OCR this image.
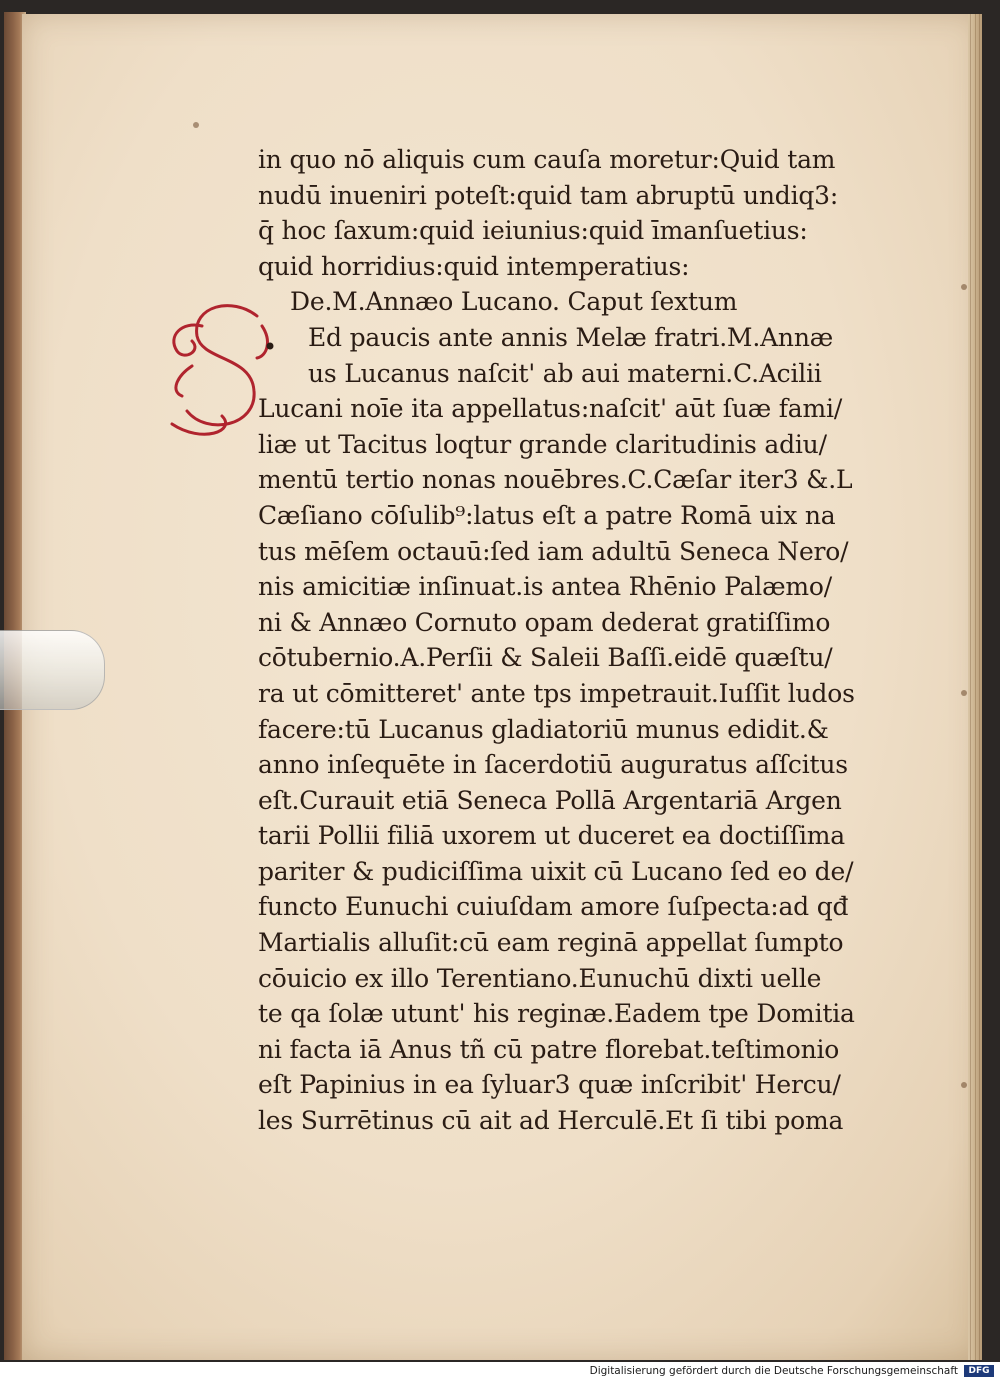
in quo nō aliquis cum cauſa moretur:Quid tam
nudū inueniri poteſt:quid tam abruptū undiq3:
q̄ hoc ſaxum:quid ieiunius:quid īmanſuetius:
quid horridius:quid intemperatius:
De.M.Annæo Lucano. Caput ſextum
Ed paucis ante annis Melæ fratri.M.Annæ
us Lucanus naſcit' ab aui materni.C.Acilii
Lucani noīe ita appellatus:naſcit' aūt ſuæ fami/
liæ ut Tacitus loqtur grande claritudinis adiu/
mentū tertio nonas nouēbres.C.Cæſar iter3 &.L
Cæſiano cōſulib⁹:latus eſt a patre Romā uix na
tus mēſem octauū:ſed iam adultū Seneca Nero/
nis amicitiæ inſinuat.is antea Rhēnio Palæmo/
ni & Annæo Cornuto opam dederat gratiſſimo
cōtubernio.A.Perſii & Saleii Baſſi.eidē quæſtu/
ra ut cōmitteret' ante tps impetrauit.Iuſſit ludos
facere:tū Lucanus gladiatoriū munus edidit.&
anno inſequēte in ſacerdotiū auguratus aſſcitus
eſt.Curauit etiā Seneca Pollā Argentariā Argen
tarii Pollii filiā uxorem ut duceret ea doctiſſima
pariter & pudiciſſima uixit cū Lucano ſed eo de/
functo Eunuchi cuiuſdam amore ſuſpecta:ad qđ
Martialis alluſit:cū eam reginā appellat ſumpto
cōuicio ex illo Terentiano.Eunuchū dixti uelle
te qa ſolæ utunt' his reginæ.Eadem tpe Domitia
ni facta iā Anus tñ cū patre florebat.teſtimonio
eſt Papinius in ea ſyluar3 quæ inſcribit' Hercu/
les Surrētinus cū ait ad Herculē.Et ſi tibi poma
Digitalisierung gefördert durch die Deutsche Forschungsgemeinschaft	DFG
